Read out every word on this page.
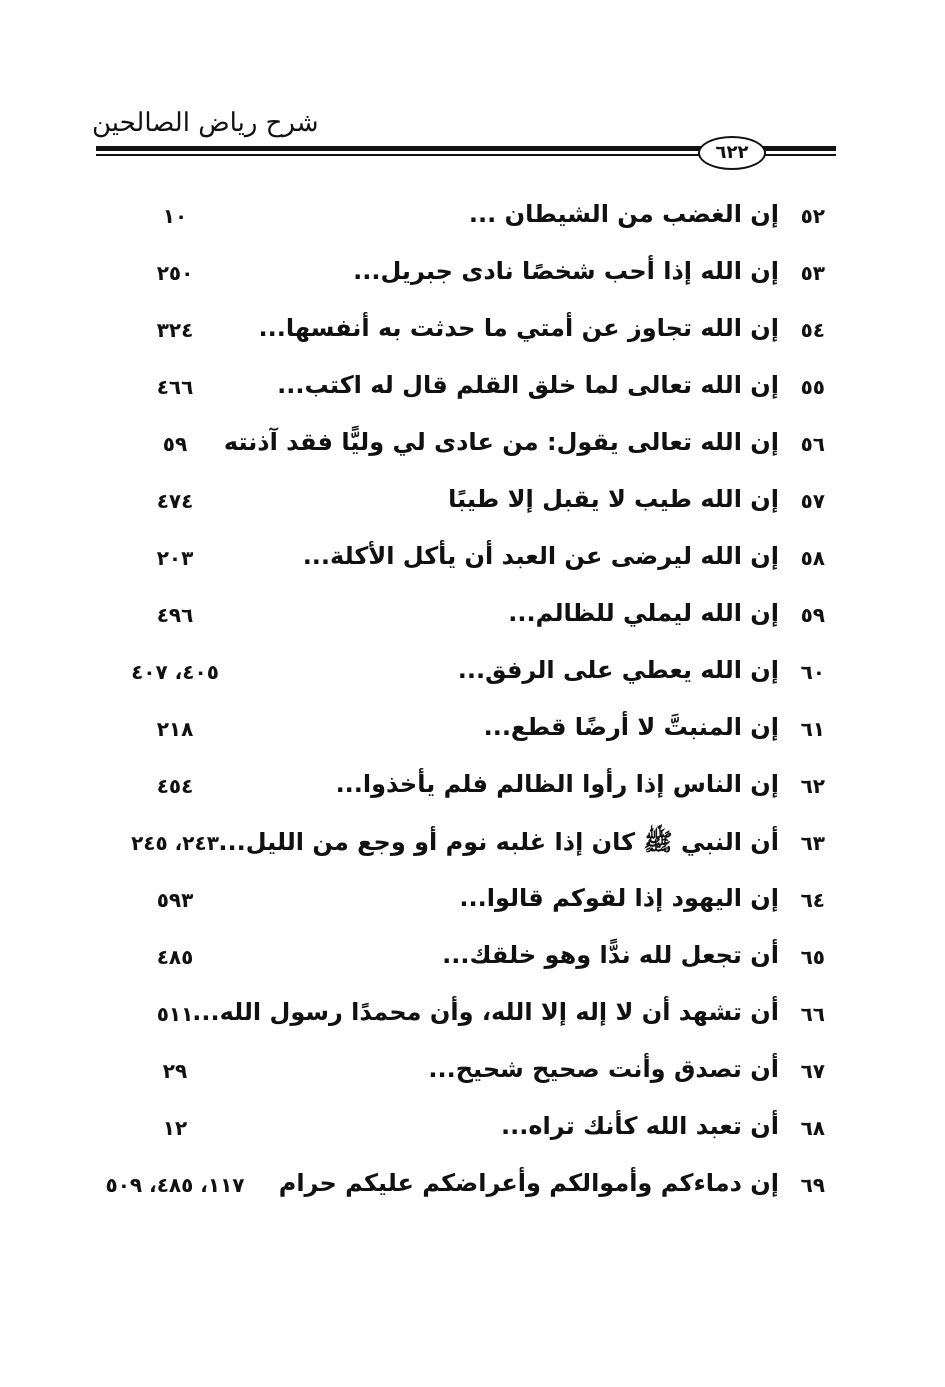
شرح رياض الصالحين
٦٢٢
٥٢
إن الغضب من الشيطان ...
١٠
٥٣
إن الله إذا أحب شخصًا نادى جبريل...
٢٥٠
٥٤
إن الله تجاوز عن أمتي ما حدثت به أنفسها...
٣٢٤
٥٥
إن الله تعالى لما خلق القلم قال له اكتب...
٤٦٦
٥٦
إن الله تعالى يقول: من عادى لي وليًّا فقد آذنته
٥٩
٥٧
إن الله طيب لا يقبل إلا طيبًا
٤٧٤
٥٨
إن الله ليرضى عن العبد أن يأكل الأكلة...
٢٠٣
٥٩
إن الله ليملي للظالم...
٤٩٦
٦٠
إن الله يعطي على الرفق...
٤٠٥، ٤٠٧
٦١
إن المنبتَّ لا أرضًا قطع...
٢١٨
٦٢
إن الناس إذا رأوا الظالم فلم يأخذوا...
٤٥٤
٦٣
أن النبي ﷺ كان إذا غلبه نوم أو وجع من الليل...
٢٤٣، ٢٤٥
٦٤
إن اليهود إذا لقوكم قالوا...
٥٩٣
٦٥
أن تجعل لله ندًّا وهو خلقك...
٤٨٥
٦٦
أن تشهد أن لا إله إلا الله، وأن محمدًا رسول الله...
٥١١
٦٧
أن تصدق وأنت صحيح شحيح...
٢٩
٦٨
أن تعبد الله كأنك تراه...
١٢
٦٩
إن دماءكم وأموالكم وأعراضكم عليكم حرام
١١٧، ٤٨٥، ٥٠٩
